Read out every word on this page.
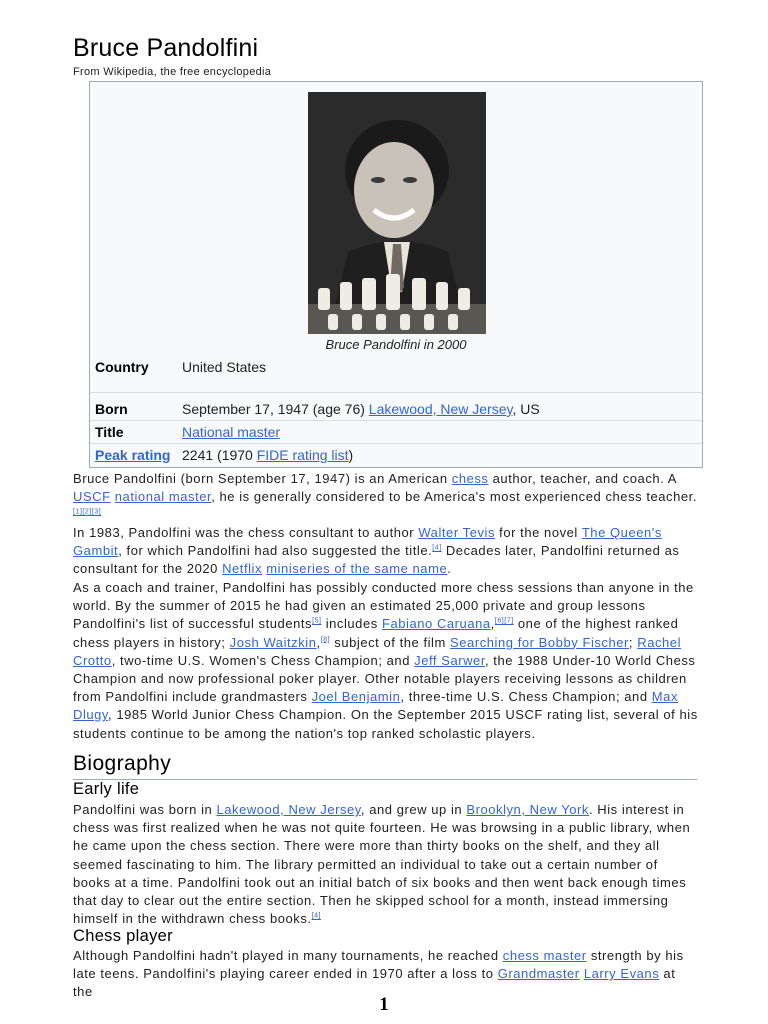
Bruce Pandolfini
From Wikipedia, the free encyclopedia
Bruce Pandolfini in 2000
Country United States
Born	September 17, 1947 (age 76) Lakewood, New Jersey, US
Title	National master
Peak rating 2241 (1970 FIDE rating list)

Bruce Pandolfini (born September 17, 1947) is an American chess author, teacher, and coach. A USCF national master, he is generally considered to be America's most experienced chess teacher.[1][2][3]

In 1983, Pandolfini was the chess consultant to author Walter Tevis for the novel The Queen's Gambit, for which Pandolfini had also suggested the title.[4] Decades later, Pandolfini returned as consultant for the 2020 Netflix miniseries of the same name.

As a coach and trainer, Pandolfini has possibly conducted more chess sessions than anyone in the world. By the summer of 2015 he had given an estimated 25,000 private and group lessons Pandolfini's list of successful students[5] includes Fabiano Caruana,[6][7] one of the highest ranked chess players in history; Josh Waitzkin,[8] subject of the film Searching for Bobby Fischer; Rachel Crotto, two-time U.S. Women's Chess Champion; and Jeff Sarwer, the 1988 Under-10 World Chess Champion and now professional poker player. Other notable players receiving lessons as children from Pandolfini include grandmasters Joel Benjamin, three-time U.S. Chess Champion; and Max Dlugy, 1985 World Junior Chess Champion. On the September 2015 USCF rating list, several of his students continue to be among the nation's top ranked scholastic players.

Biography
Early life

Pandolfini was born in Lakewood, New Jersey, and grew up in Brooklyn, New York. His interest in chess was first realized when he was not quite fourteen. He was browsing in a public library, when he came upon the chess section. There were more than thirty books on the shelf, and they all seemed fascinating to him. The library permitted an individual to take out a certain number of books at a time. Pandolfini took out an initial batch of six books and then went back enough times that day to clear out the entire section. Then he skipped school for a month, instead immersing himself in the withdrawn chess books.[4]

Chess player

Although Pandolfini hadn't played in many tournaments, he reached chess master strength by his late teens. Pandolfini's playing career ended in 1970 after a loss to Grandmaster Larry Evans at the

1
